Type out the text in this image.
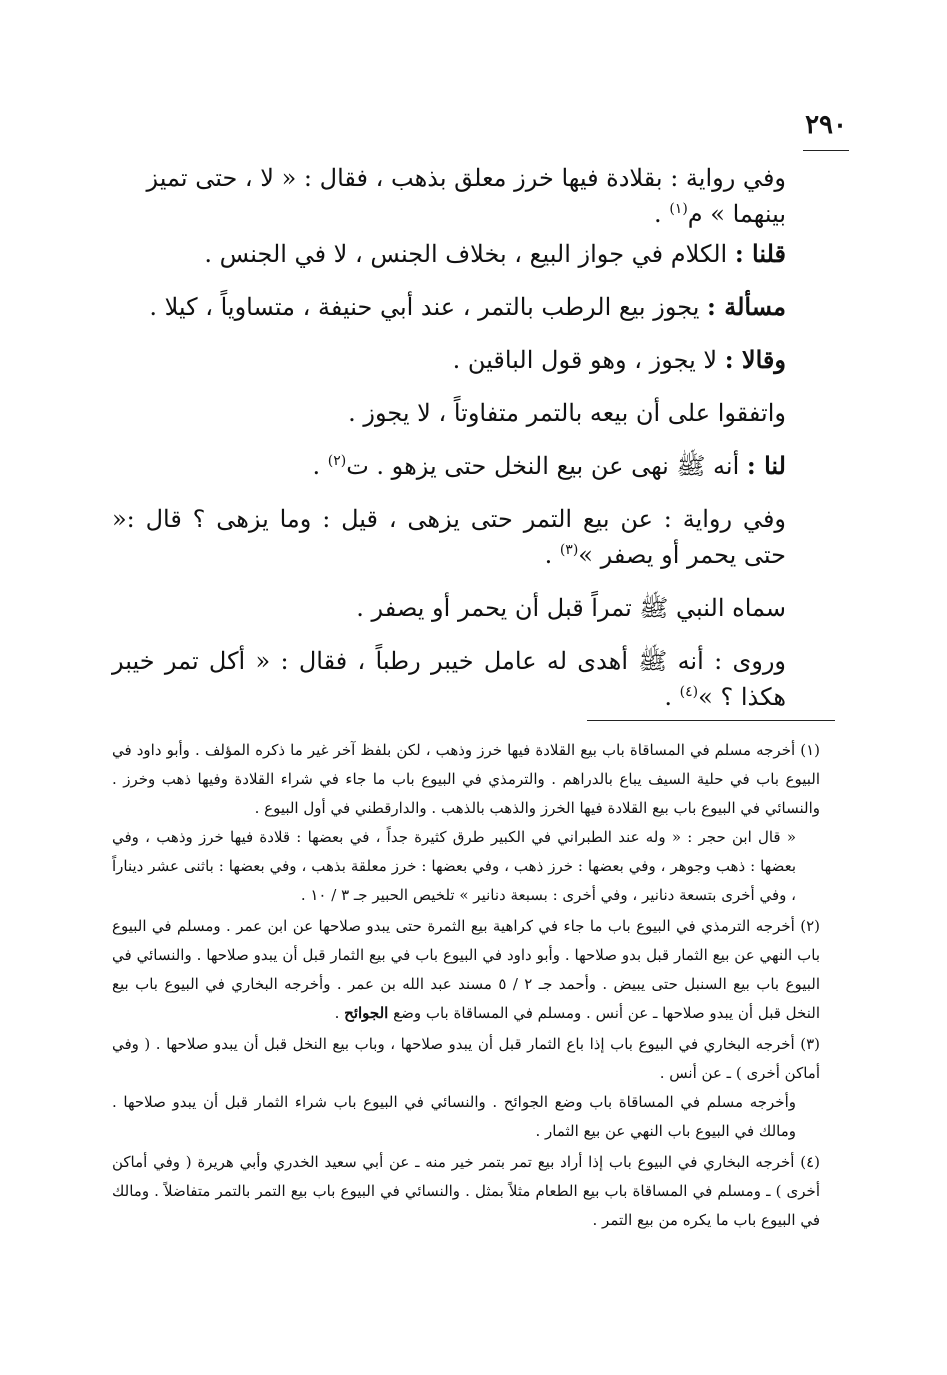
٢٩٠

وفي رواية : بقلادة فيها خرز معلق بذهب ، فقال : « لا ، حتى تميز بينهما » م$^{(١)}$ .

قلنا : الكلام في جواز البيع ، بخلاف الجنس ، لا في الجنس .

مسألة : يجوز بيع الرطب بالتمر ، عند أبي حنيفة ، متساوياً ، كيلا .

وقالا : لا يجوز ، وهو قول الباقين .

واتفقوا على أن بيعه بالتمر متفاوتاً ، لا يجوز .

لنا : أنه ﷺ نهى عن بيع النخل حتى يزهو . ت$^{(٢)}$ .

وفي رواية : عن بيع التمر حتى يزهى ، قيل : وما يزهى ؟ قال :« حتى يحمر أو يصفر »$^{(٣)}$ .

سماه النبي ﷺ تمراً قبل أن يحمر أو يصفر .

وروى : أنه ﷺ أهدى له عامل خيبر رطباً ، فقال : « أكل تمر خيبر هكذا ؟ »$^{(٤)}$ .

(١) أخرجه مسلم في المساقاة باب بيع القلادة فيها خرز وذهب ، لكن بلفظ آخر غير ما ذكره المؤلف . وأبو داود في البيوع باب في حلية السيف يباع بالدراهم . والترمذي في البيوع باب ما جاء في شراء القلادة وفيها ذهب وخرز . والنسائي في البيوع باب بيع القلادة فيها الخرز والذهب بالذهب . والدارقطني في أول البيوع .

« قال ابن حجر : « وله عند الطبراني في الكبير طرق كثيرة جداً ، في بعضها : قلادة فيها خرز وذهب ، وفي بعضها : ذهب وجوهر ، وفي بعضها : خرز ذهب ، وفي بعضها : خرز معلقة بذهب ، وفي بعضها : باثنى عشر ديناراً ، وفي أخرى بتسعة دنانير ، وفي أخرى : بسبعة دنانير » تلخيص الحبير جـ ٣ / ١٠ .

(٢) أخرجه الترمذي في البيوع باب ما جاء في كراهية بيع الثمرة حتى يبدو صلاحها عن ابن عمر . ومسلم في البيوع باب النهي عن بيع الثمار قبل بدو صلاحها . وأبو داود في البيوع باب في بيع الثمار قبل أن يبدو صلاحها . والنسائي في البيوع باب بيع السنبل حتى يبيض . وأحمد جـ ٢ / ٥ مسند عبد الله بن عمر . وأخرجه البخاري في البيوع باب بيع النخل قبل أن يبدو صلاحها ـ عن أنس . ومسلم في المساقاة باب وضع الجوائح .

(٣) أخرجه البخاري في البيوع باب إذا باع الثمار قبل أن يبدو صلاحها ، وباب بيع النخل قبل أن يبدو صلاحها . ( وفي أماكن أخرى ) ـ عن أنس .

وأخرجه مسلم في المساقاة باب وضع الجوائح . والنسائي في البيوع باب شراء الثمار قبل أن يبدو صلاحها . ومالك في البيوع باب النهي عن بيع الثمار .

(٤) أخرجه البخاري في البيوع باب إذا أراد بيع تمر بتمر خير منه ـ عن أبي سعيد الخدري وأبي هريرة ( وفي أماكن أخرى ) ـ ومسلم في المساقاة باب بيع الطعام مثلاً بمثل . والنسائي في البيوع باب بيع التمر بالتمر متفاضلاً . ومالك في البيوع باب ما يكره من بيع التمر .
